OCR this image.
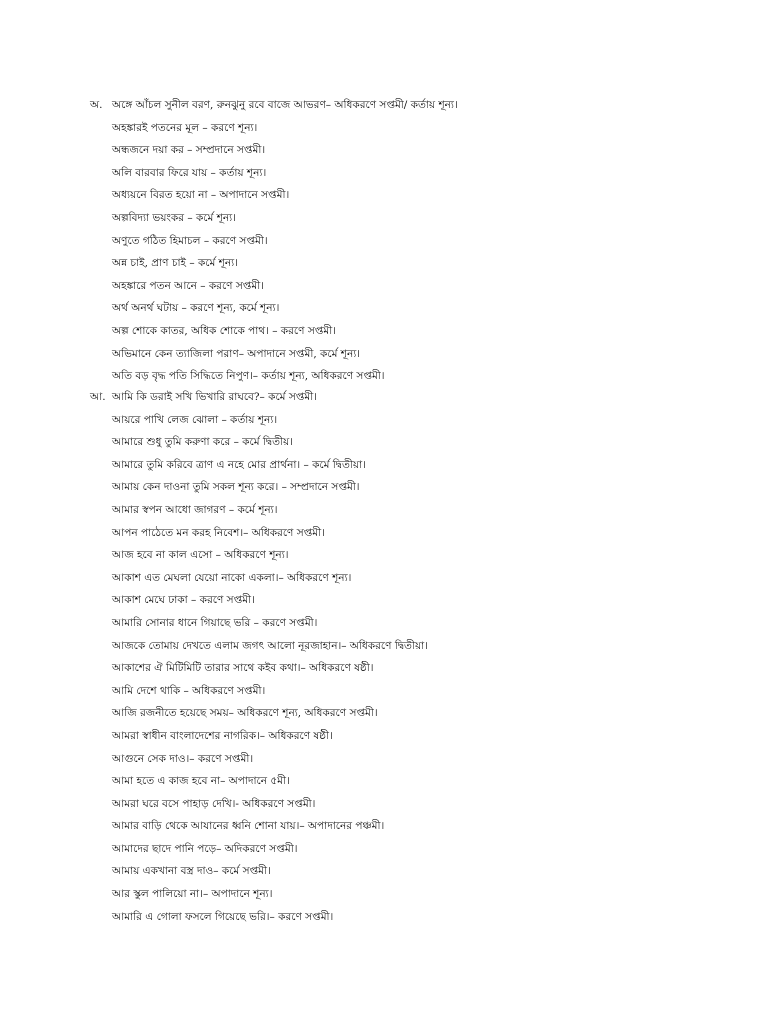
অ. অঙ্গে আঁচল সুনীল বরণ, রুনঝুনু রবে বাজে আভরণ– অধিকরণে সপ্তমী/ কর্তায় শূন্য।
অহঙ্কারই পতনের মূল – করণে শূন্য।
অন্ধজনে দয়া কর – সম্প্রদানে সপ্তমী।
অলি বারবার ফিরে যায় – কর্তায় শূন্য।
অধ্যয়নে বিরত হয়ো না – অপাদানে সপ্তমী।
অল্পবিদ্যা ভয়ংকর – কর্মে শূন্য।
অণুতে গঠিত হিমাচল – করণে সপ্তমী।
অন্ন চাই, প্রাণ চাই – কর্মে শূন্য।
অহঙ্কারে পতন আনে – করণে সপ্তমী।
অর্থ অনর্থ ঘটায় – করণে শূন্য, কর্মে শূন্য।
অল্প শোকে কাতর, অধিক শোকে পাথ। – করণে সপ্তমী।
অভিমানে কেন ত্যাজিলা পরাণ– অপাদানে সপ্তমী, কর্মে শূন্য।
অতি বড় বৃদ্ধ পতি সিদ্ধিতে নিপুণ।– কর্তায় শূন্য, অধিকরণে সপ্তমী।
আ. আমি কি ডরাই সখি ভিখারি রাঘবে?– কর্মে সপ্তমী।
আয়রে পাখি লেজ ঝোলা – কর্তায় শূন্য।
আমারে শুধু তুমি করুণা করে – কর্মে দ্বিতীয়।
আমারে তুমি করিবে ত্রাণ এ নহে মোর প্রার্থনা। – কর্মে দ্বিতীয়া।
আমায় কেন দাওনা তুমি সকল শূন্য করে। – সম্প্রদানে সপ্তমী।
আমার স্বপন আধো জাগরণ – কর্মে শূন্য।
আপন পাঠেতে মন করহ নিবেশ।– অধিকরণে সপ্তমী।
আজ হবে না কাল এসো – অধিকরণে শূন্য।
আকাশ এত মেঘলা যেয়ো নাকো একলা।– অধিকরণে শূন্য।
আকাশ মেঘে ঢাকা – করণে সপ্তমী।
আমারি সোনার ধানে গিয়াছে ভরি – করণে সপ্তমী।
আজকে তোমায় দেখতে এলাম জগৎ আলো নূরজাহান।– অধিকরণে দ্বিতীয়া।
আকাশের ঐ মিটিমিটি তারার সাথে কইব কথা।– অধিকরণে ষষ্ঠী।
আমি দেশে থাকি – অধিকরণে সপ্তমী।
আজি রজনীতে হয়েছে সময়– অধিকরণে শূন্য, অধিকরণে সপ্তমী।
আমরা স্বাধীন বাংলাদেশের নাগরিক।– অধিকরণে ষষ্ঠী।
আগুনে সেক দাও।– করণে সপ্তমী।
আমা হতে এ কাজ হবে না– অপাদানে ৫মী।
আমরা ঘরে বসে পাহাড় দেখি।- অধিকরণে সপ্তমী।
আমার বাড়ি থেকে আযানের ধ্বনি শোনা যায়।– অপাদানের পঞ্চমী।
আমাদের ছাদে পানি পড়ে– অদিকরণে সপ্তমী।
আমায় একখানা বস্ত্র দাও– কর্মে সপ্তমী।
আর স্কুল পালিয়ো না।– অপাদানে শূন্য।
আমারি এ গোলা ফসলে গিয়েছে ভরি।– করণে সপ্তমী।
